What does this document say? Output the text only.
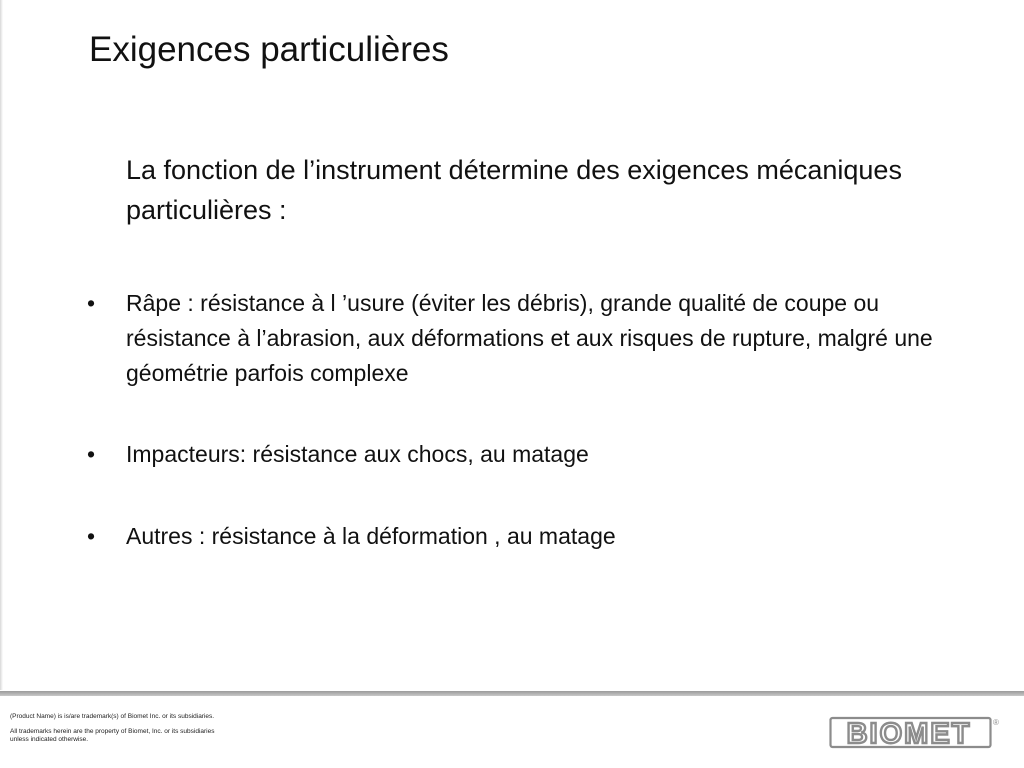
Exigences particulières

La fonction de l’instrument détermine des exigences mécaniques particulières :

• Râpe : résistance à l ’usure (éviter les débris), grande qualité de coupe ou résistance à l’abrasion, aux déformations et aux risques de rupture, malgré une géométrie parfois complexe
• Impacteurs: résistance aux chocs, au matage
• Autres : résistance à la déformation , au matage

(Product Name) is is/are trademark(s) of Biomet Inc. or its subsidiaries.

All trademarks herein are the property of Biomet, Inc. or its subsidiaries unless indicated otherwise.	BIOMET	®
